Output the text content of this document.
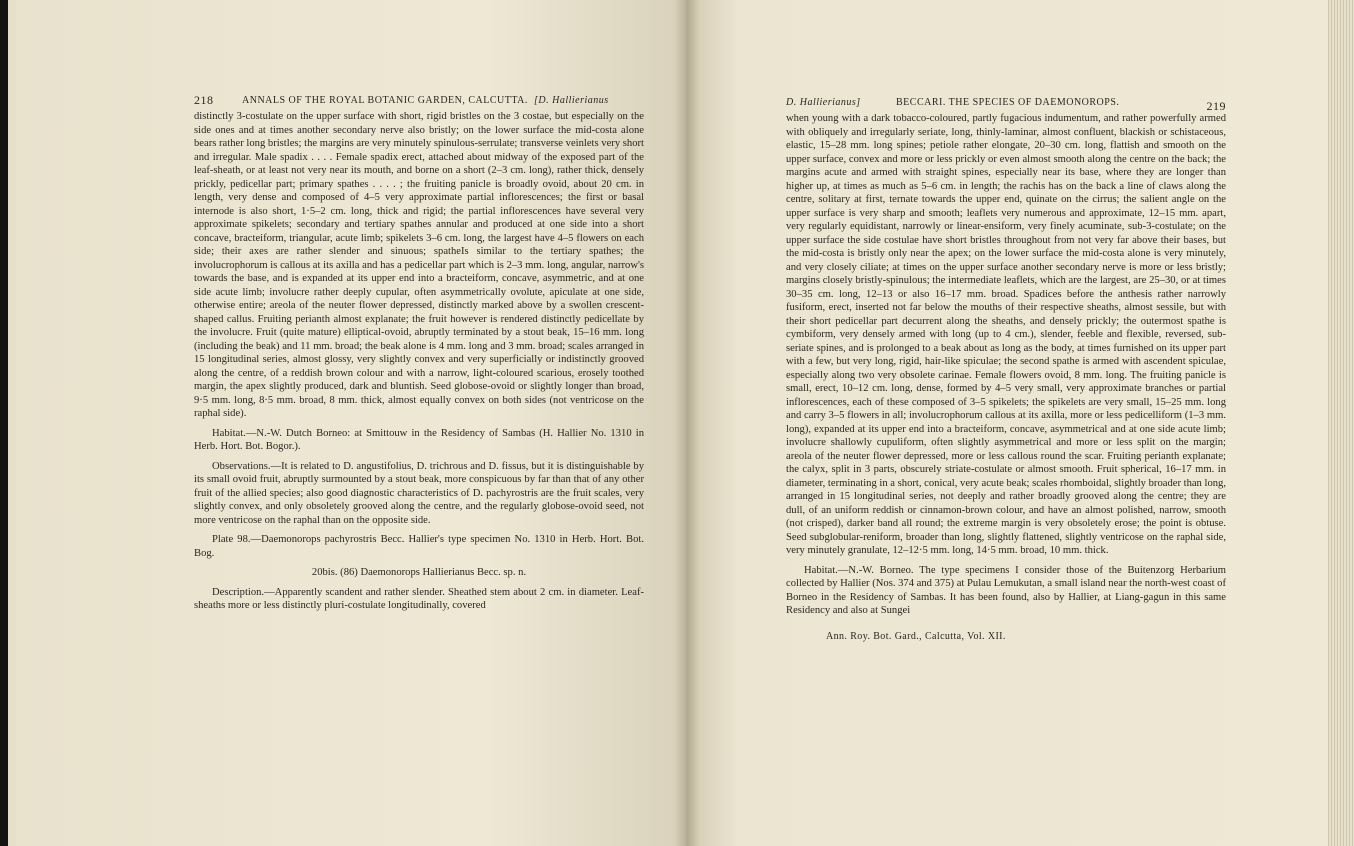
218	ANNALS OF THE ROYAL BOTANIC GARDEN, CALCUTTA. [D. Hallierianus

distinctly 3-costulate on the upper surface with short, rigid bristles on the 3 costae, but especially on the side ones and at times another secondary nerve also bristly; on the lower surface the mid-costa alone bears rather long bristles; the margins are very minutely spinulous-serrulate; transverse veinlets very short and irregular. Male spadix . . . . Female spadix erect, attached about midway of the exposed part of the leaf-sheath, or at least not very near its mouth, and borne on a short (2–3 cm. long), rather thick, densely prickly, pedicellar part; primary spathes . . . . ; the fruiting panicle is broadly ovoid, about 20 cm. in length, very dense and composed of 4–5 very approximate partial inflorescences; the first or basal internode is also short, 1·5–2 cm. long, thick and rigid; the partial inflorescences have several very approximate spikelets; secondary and tertiary spathes annular and produced at one side into a short concave, bracteiform, triangular, acute limb; spikelets 3–6 cm. long, the largest have 4–5 flowers on each side; their axes are rather slender and sinuous; spatheIs similar to the tertiary spathes; the involucrophorum is callous at its axilla and has a pedicellar part which is 2–3 mm. long, angular, narrow's towards the base, and is expanded at its upper end into a bracteiform, concave, asymmetric, and at one side acute limb; involucre rather deeply cupular, often asymmetrically ovolute, apiculate at one side, otherwise entire; areola of the neuter flower depressed, distinctly marked above by a swollen crescent-shaped callus. Fruiting perianth almost explanate; the fruit however is rendered distinctly pedicellate by the involucre. Fruit (quite mature) elliptical-ovoid, abruptly terminated by a stout beak, 15–16 mm. long (including the beak) and 11 mm. broad; the beak alone is 4 mm. long and 3 mm. broad; scales arranged in 15 longitudinal series, almost glossy, very slightly convex and very superficially or indistinctly grooved along the centre, of a reddish brown colour and with a narrow, light-coloured scarious, erosely toothed margin, the apex slightly produced, dark and bluntish. Seed globose-ovoid or slightly longer than broad, 9·5 mm. long, 8·5 mm. broad, 8 mm. thick, almost equally convex on both sides (not ventricose on the raphal side).

Habitat.—N.-W. Dutch Borneo: at Smittouw in the Residency of Sambas (H. Hallier No. 1310 in Herb. Hort. Bot. Bogor.).

Observations.—It is related to D. angustifolius, D. trichrous and D. fissus, but it is distinguishable by its small ovoid fruit, abruptly surmounted by a stout beak, more conspicuous by far than that of any other fruit of the allied species; also good diagnostic characteristics of D. pachyrostris are the fruit scales, very slightly convex, and only obsoletely grooved along the centre, and the regularly globose-ovoid seed, not more ventricose on the raphal than on the opposite side.

Plate 98.—Daemonorops pachyrostris Becc. Hallier's type specimen No. 1310 in Herb. Hort. Bot. Bog.

20bis. (86) Daemonorops Hallierianus Becc. sp. n.

Description.—Apparently scandent and rather slender. Sheathed stem about 2 cm. in diameter. Leaf-sheaths more or less distinctly pluri-costulate longitudinally, covered

D. Hallierianus]	BECCARI. THE SPECIES OF DAEMONOROPS.	219

when young with a dark tobacco-coloured, partly fugacious indumentum, and rather powerfully armed with obliquely and irregularly seriate, long, thinly-laminar, almost confluent, blackish or schistaceous, elastic, 15–28 mm. long spines; petiole rather elongate, 20–30 cm. long, flattish and smooth on the upper surface, convex and more or less prickly or even almost smooth along the centre on the back; the margins acute and armed with straight spines, especially near its base, where they are longer than higher up, at times as much as 5–6 cm. in length; the rachis has on the back a line of claws along the centre, solitary at first, ternate towards the upper end, quinate on the cirrus; the salient angle on the upper surface is very sharp and smooth; leaflets very numerous and approximate, 12–15 mm. apart, very regularly equidistant, narrowly or linear-ensiform, very finely acuminate, sub-3-costulate; on the upper surface the side costulae have short bristles throughout from not very far above their bases, but the mid-costa is bristly only near the apex; on the lower surface the mid-costa alone is very minutely, and very closely ciliate; at times on the upper surface another secondary nerve is more or less bristly; margins closely bristly-spinulous; the intermediate leaflets, which are the largest, are 25–30, or at times 30–35 cm. long, 12–13 or also 16–17 mm. broad. Spadices before the anthesis rather narrowly fusiform, erect, inserted not far below the mouths of their respective sheaths, almost sessile, but with their short pedicellar part decurrent along the sheaths, and densely prickly; the outermost spathe is cymbiform, very densely armed with long (up to 4 cm.), slender, feeble and flexible, reversed, sub-seriate spines, and is prolonged to a beak about as long as the body, at times furnished on its upper part with a few, but very long, rigid, hair-like spiculae; the second spathe is armed with ascendent spiculae, especially along two very obsolete carinae. Female flowers ovoid, 8 mm. long. The fruiting panicle is small, erect, 10–12 cm. long, dense, formed by 4–5 very small, very approximate branches or partial inflorescences, each of these composed of 3–5 spikelets; the spikelets are very small, 15–25 mm. long and carry 3–5 flowers in all; involucrophorum callous at its axilla, more or less pedicelliform (1–3 mm. long), expanded at its upper end into a bracteiform, concave, asymmetrical and at one side acute limb; involucre shallowly cupuliform, often slightly asymmetrical and more or less split on the margin; areola of the neuter flower depressed, more or less callous round the scar. Fruiting perianth explanate; the calyx, split in 3 parts, obscurely striate-costulate or almost smooth. Fruit spherical, 16–17 mm. in diameter, terminating in a short, conical, very acute beak; scales rhomboidal, slightly broader than long, arranged in 15 longitudinal series, not deeply and rather broadly grooved along the centre; they are dull, of an uniform reddish or cinnamon-brown colour, and have an almost polished, narrow, smooth (not crisped), darker band all round; the extreme margin is very obsoletely erose; the point is obtuse. Seed subglobular-reniform, broader than long, slightly flattened, slightly ventricose on the raphal side, very minutely granulate, 12–12·5 mm. long, 14·5 mm. broad, 10 mm. thick.

Habitat.—N.-W. Borneo. The type specimens I consider those of the Buitenzorg Herbarium collected by Hallier (Nos. 374 and 375) at Pulau Lemukutan, a small island near the north-west coast of Borneo in the Residency of Sambas. It has been found, also by Hallier, at Liang-gagun in this same Residency and also at Sungei

Ann. Roy. Bot. Gard., Calcutta, Vol. XII.
